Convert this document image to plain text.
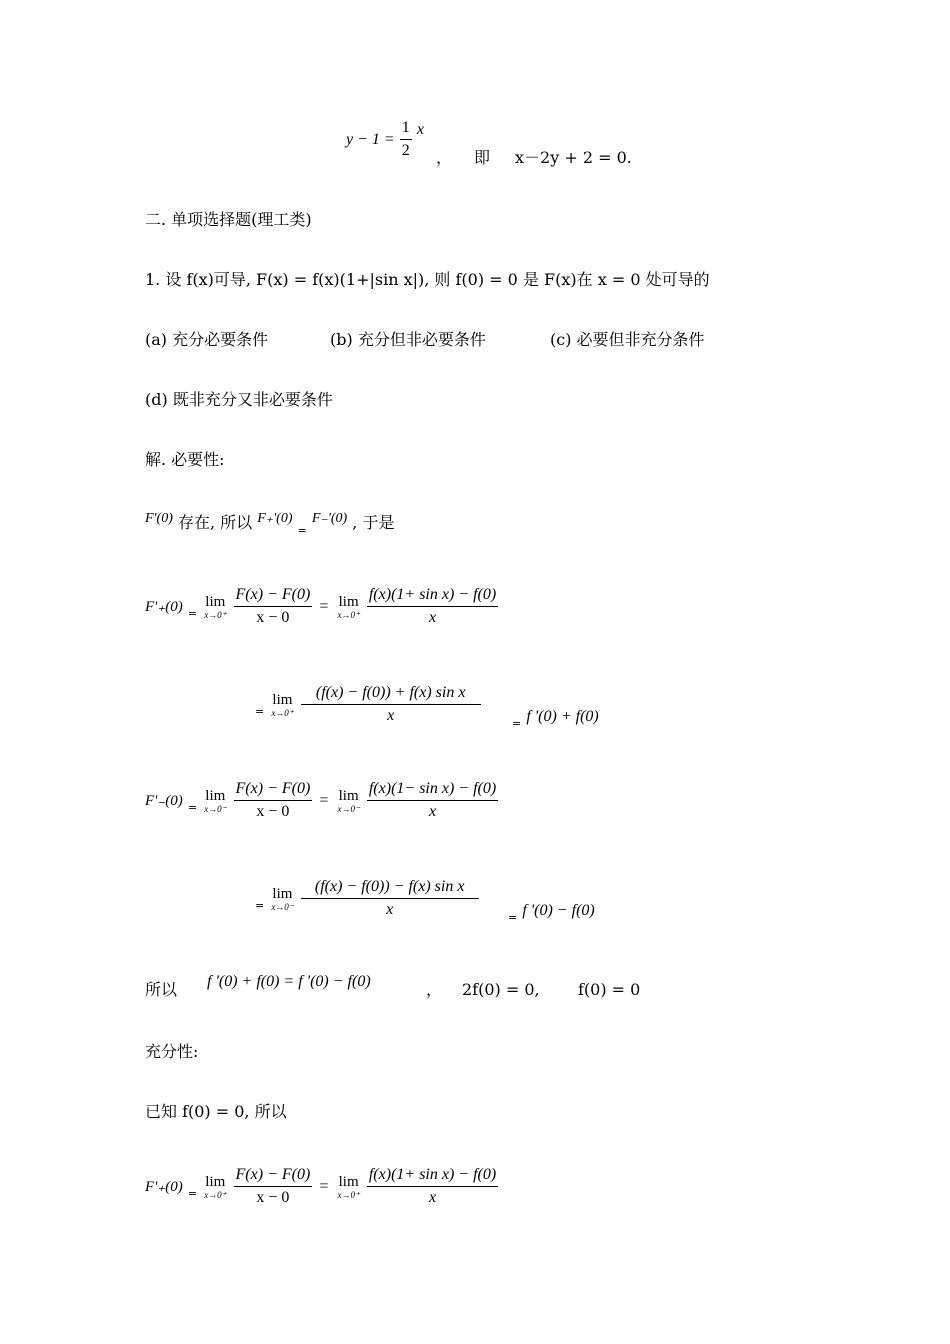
$y - 1 = \frac{1}{2}$ x
， 即 x－2y + 2 = 0.
二. 单项选择题(理工类)
1. 设 f(x)可导, F(x) = f(x)(1+|sin x|), 则 f(0) = 0 是 F(x)在 x = 0 处可导的
(a) 充分必要条件	(b) 充分但非必要条件	(c) 必要但非充分条件
(d) 既非充分又非必要条件
解. 必要性:
F'(0) 存在, 所以 F₊'(0) $_=$ F₋'(0) , 于是
F'₊(0) $_=$
lim
x→0⁺
$\frac{F(x) - F(0)}{x - 0} = \lim$
x→0⁺
$\frac{\text{f(x)(1+ sin x) − f(0)}}{x}$
$_=$
lim
x→0⁺
$\frac{\text{(f(x) − f(0)) + f(x) sin x}}{x}$	$_=$ f '(0) + f(0)
F'₋(0) $_=$
lim
x→0⁻
$\frac{F(x) - F(0)}{x - 0} = \lim$
x→0⁻
$\frac{\text{f(x)(1− sin x) − f(0)}}{x}$
$_=$
lim
x→0⁻
$\frac{\text{(f(x) − f(0)) − f(x) sin x}}{x}$	$_=$ f '(0) − f(0)
所以 f '(0) + f(0) = f '(0) − f(0)	， 2f(0) = 0, f(0) = 0
充分性:
已知 f(0) = 0, 所以
F'₊(0) $_=$
lim
x→0⁺
$\frac{F(x) - F(0)}{x - 0} = \lim$
x→0⁺
$\frac{\text{f(x)(1+ sin x) − f(0)}}{x}$
